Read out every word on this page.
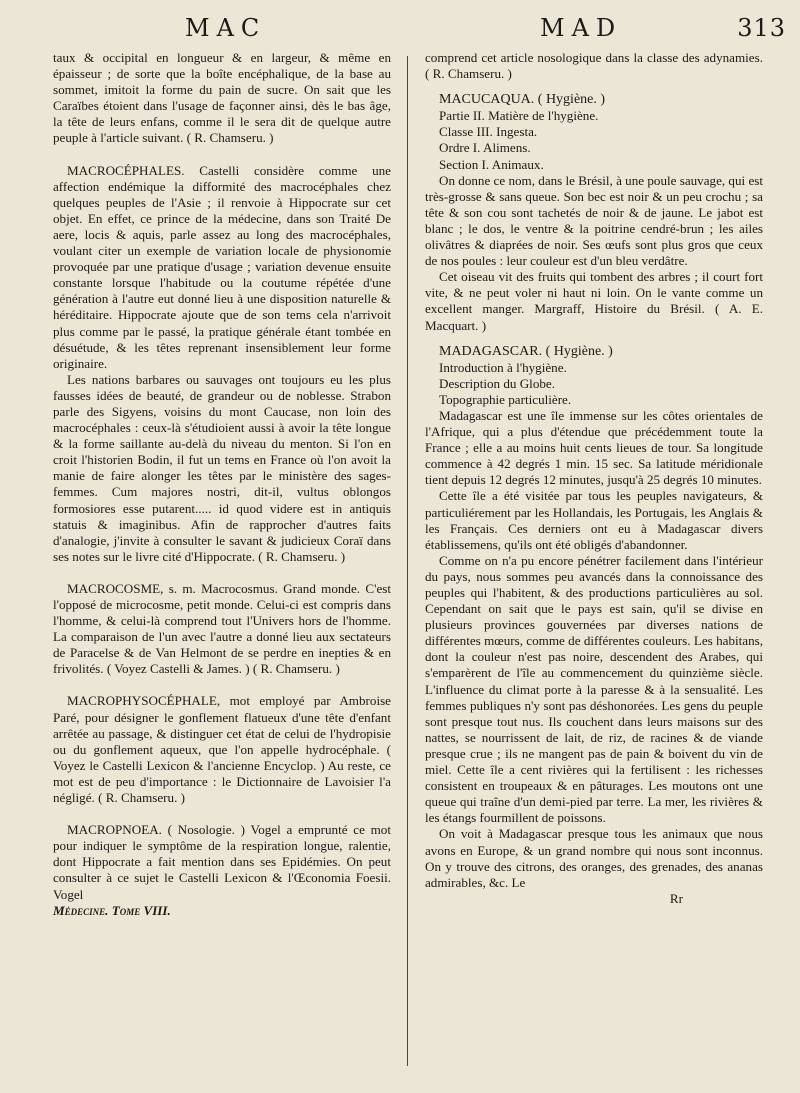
MAC	MAD	313

taux & occipital en longueur & en largeur, & même en épaisseur ; de sorte que la boîte encéphalique, de la base au sommet, imitoit la forme du pain de sucre. On sait que les Caraïbes étoient dans l'usage de façonner ainsi, dès le bas âge, la tête de leurs enfans, comme il le sera dit de quelque autre peuple à l'article suivant. ( R. Chamseru. )

MACROCÉPHALES. Castelli considère comme une affection endémique la difformité des macrocéphales chez quelques peuples de l'Asie ; il renvoie à Hippocrate sur cet objet. En effet, ce prince de la médecine, dans son Traité De aere, locis & aquis, parle assez au long des macrocéphales, voulant citer un exemple de variation locale de physionomie provoquée par une pratique d'usage ; variation devenue ensuite constante lorsque l'habitude ou la coutume répétée d'une génération à l'autre eut donné lieu à une disposition naturelle & héréditaire. Hippocrate ajoute que de son tems cela n'arrivoit plus comme par le passé, la pratique générale étant tombée en désuétude, & les têtes reprenant insensiblement leur forme originaire.

Les nations barbares ou sauvages ont toujours eu les plus fausses idées de beauté, de grandeur ou de noblesse. Strabon parle des Sigyens, voisins du mont Caucase, non loin des macrocéphales : ceux-là s'étudioient aussi à avoir la tête longue & la forme saillante au-delà du niveau du menton. Si l'on en croit l'historien Bodin, il fut un tems en France où l'on avoit la manie de faire alonger les têtes par le ministère des sages-femmes. Cum majores nostri, dit-il, vultus oblongos formosiores esse putarent..... id quod videre est in antiquis statuis & imaginibus. Afin de rapprocher d'autres faits d'analogie, j'invite à consulter le savant & judicieux Coraï dans ses notes sur le livre cité d'Hippocrate. ( R. Chamseru. )

MACROCOSME, s. m. Macrocosmus. Grand monde. C'est l'opposé de microcosme, petit monde. Celui-ci est compris dans l'homme, & celui-là comprend tout l'Univers hors de l'homme. La comparaison de l'un avec l'autre a donné lieu aux sectateurs de Paracelse & de Van Helmont de se perdre en inepties & en frivolités. ( Voyez Castelli & James. ) ( R. Chamseru. )

MACROPHYSOCÉPHALE, mot employé par Ambroise Paré, pour désigner le gonflement flatueux d'une tête d'enfant arrêtée au passage, & distinguer cet état de celui de l'hydropisie ou du gonflement aqueux, que l'on appelle hydrocéphale. ( Voyez le Castelli Lexicon & l'ancienne Encyclop. ) Au reste, ce mot est de peu d'importance : le Dictionnaire de Lavoisier l'a négligé. ( R. Chamseru. )

MACROPNOEA. ( Nosologie. ) Vogel a emprunté ce mot pour indiquer le symptôme de la respiration longue, ralentie, dont Hippocrate a fait mention dans ses Epidémies. On peut consulter à ce sujet le Castelli Lexicon & l'Œconomia Foesii. Vogel

Médecine. Tome VIII.

comprend cet article nosologique dans la classe des adynamies. ( R. Chamseru. )

MACUCAQUA. ( Hygiène. )

Partie II. Matière de l'hygiène.

Classe III. Ingesta.

Ordre I. Alimens.

Section I. Animaux.

On donne ce nom, dans le Brésil, à une poule sauvage, qui est très-grosse & sans queue. Son bec est noir & un peu crochu ; sa tête & son cou sont tachetés de noir & de jaune. Le jabot est blanc ; le dos, le ventre & la poitrine cendré-brun ; les ailes olivâtres & diaprées de noir. Ses œufs sont plus gros que ceux de nos poules : leur couleur est d'un bleu verdâtre.

Cet oiseau vit des fruits qui tombent des arbres ; il court fort vite, & ne peut voler ni haut ni loin. On le vante comme un excellent manger. Margraff, Histoire du Brésil. ( A. E. Macquart. )

MADAGASCAR. ( Hygiène. )

Introduction à l'hygiène.

Description du Globe.

Topographie particulière.

Madagascar est une île immense sur les côtes orientales de l'Afrique, qui a plus d'étendue que précédemment toute la France ; elle a au moins huit cents lieues de tour. Sa longitude commence à 42 degrés 1 min. 15 sec. Sa latitude méridionale tient depuis 12 degrés 12 minutes, jusqu'à 25 degrés 10 minutes.

Cette île a été visitée par tous les peuples navigateurs, & particuliérement par les Hollandais, les Portugais, les Anglais & les Français. Ces derniers ont eu à Madagascar divers établissemens, qu'ils ont été obligés d'abandonner.

Comme on n'a pu encore pénétrer facilement dans l'intérieur du pays, nous sommes peu avancés dans la connoissance des peuples qui l'habitent, & des productions particulières au sol. Cependant on sait que le pays est sain, qu'il se divise en plusieurs provinces gouvernées par diverses nations de différentes mœurs, comme de différentes couleurs. Les habitans, dont la couleur n'est pas noire, descendent des Arabes, qui s'emparèrent de l'île au commencement du quinzième siècle. L'influence du climat porte à la paresse & à la sensualité. Les femmes publiques n'y sont pas déshonorées. Les gens du peuple sont presque tout nus. Ils couchent dans leurs maisons sur des nattes, se nourrissent de lait, de riz, de racines & de viande presque crue ; ils ne mangent pas de pain & boivent du vin de miel. Cette île a cent rivières qui la fertilisent : les richesses consistent en troupeaux & en pâturages. Les moutons ont une queue qui traîne d'un demi-pied par terre. La mer, les rivières & les étangs fourmillent de poissons.

On voit à Madagascar presque tous les animaux que nous avons en Europe, & un grand nombre qui nous sont inconnus. On y trouve des citrons, des oranges, des grenades, des ananas admirables, &c. Le

Rr
